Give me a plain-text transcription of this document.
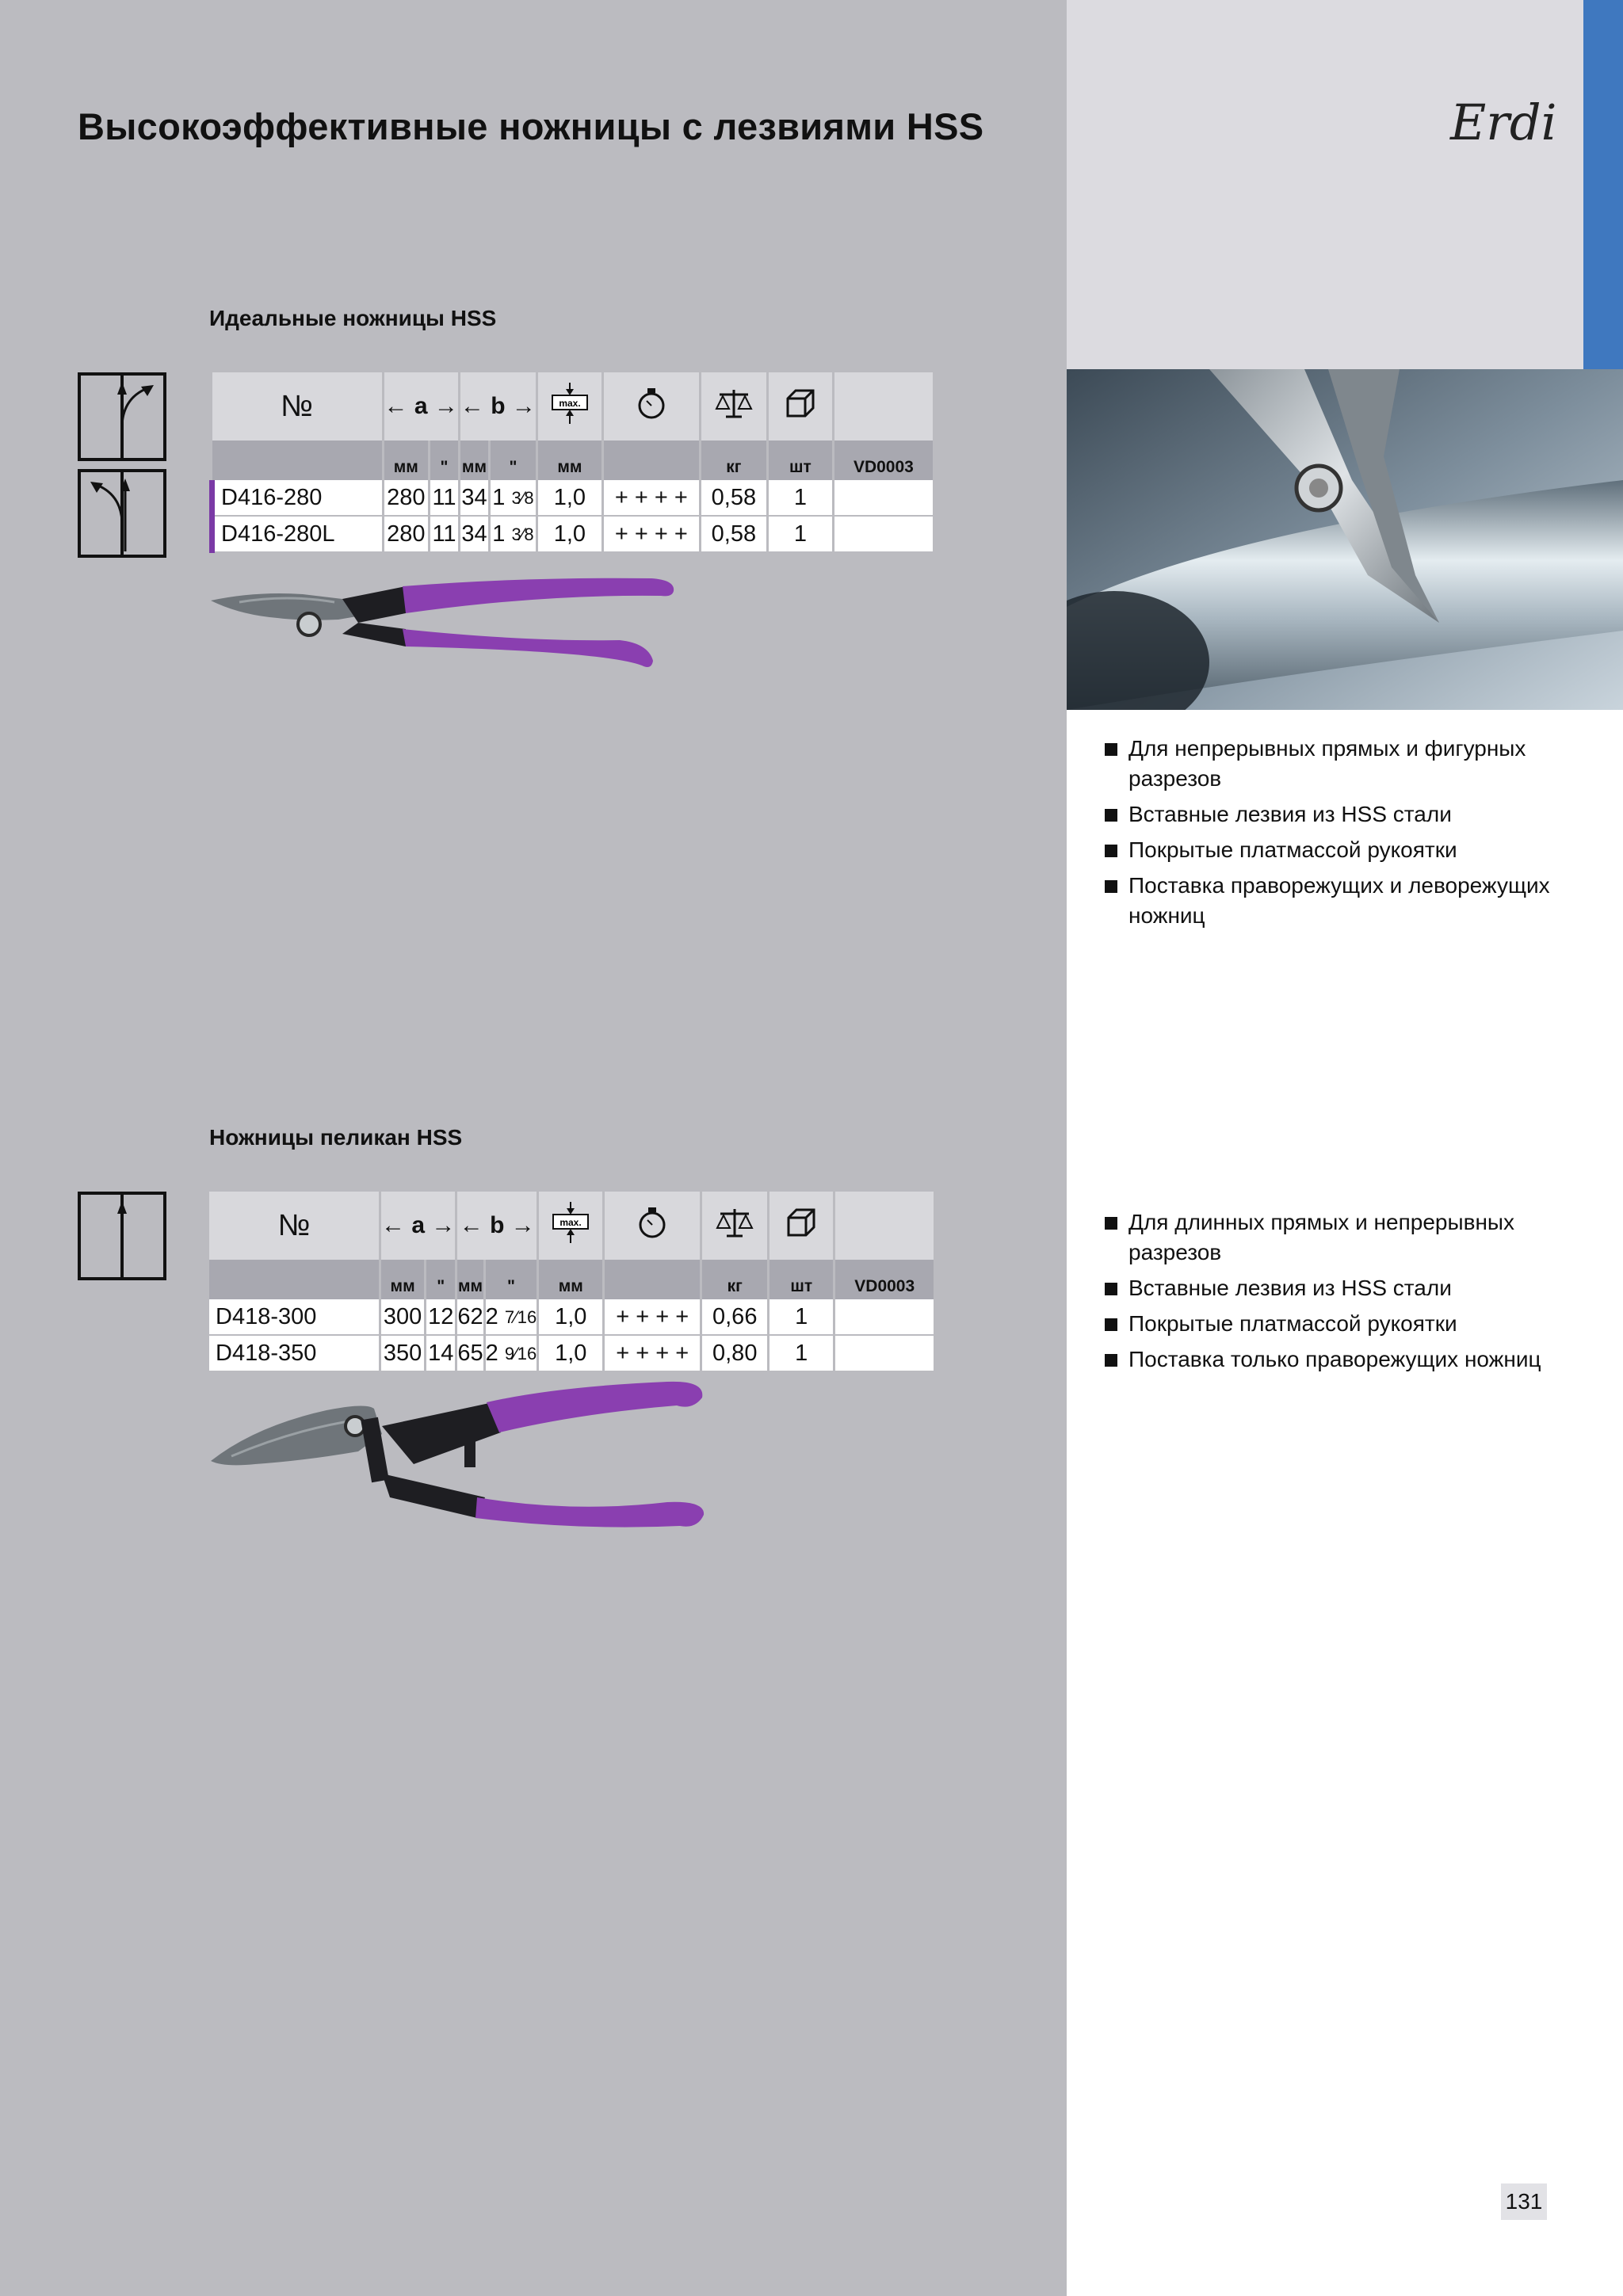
Высокоэффективные ножницы с лезвиями HSS	Erdi
Идеальные ножницы HSS
№	← a →		← b →		max.

	мм	"	мм	"	мм		кг	шт	VD0003
D416-280	280	11	34	1 3⁄8	1,0	+ + + +	0,58	1	
D416-280L	280	11	34	1 3⁄8	1,0	+ + + +	0,58	1	
Для непрерывных прямых и фигурных разрезов
Вставные лезвия из HSS стали
Покрытые платмассой рукоятки
Поставка праворежущих и леворежущих ножниц
Ножницы пеликан HSS
№	← a →		← b →		max.

	мм	"	мм	"	мм		кг	шт	VD0003
D418-300	300	12	62	2 7⁄16	1,0	+ + + +	0,66	1	
D418-350	350	14	65	2 9⁄16	1,0	+ + + +	0,80	1	
Для длинных прямых и непрерывных разрезов
Вставные лезвия из HSS стали
Покрытые платмассой рукоятки
Поставка только праворежущих ножниц
131
